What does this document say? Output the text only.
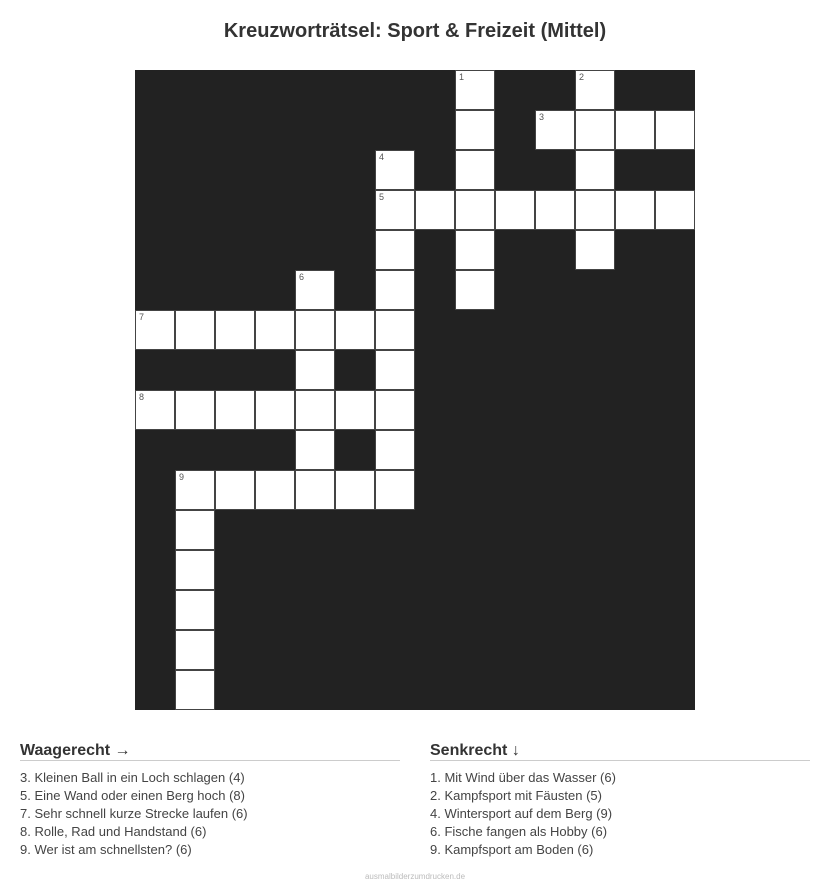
Kreuzworträtsel: Sport & Freizeit (Mittel)
1	2
3
4
5
6
7
8
9
Waagerecht →
3. Kleinen Ball in ein Loch schlagen (4)
5. Eine Wand oder einen Berg hoch (8)
7. Sehr schnell kurze Strecke laufen (6)
8. Rolle, Rad und Handstand (6)
9. Wer ist am schnellsten? (6)
Senkrecht ↓
1. Mit Wind über das Wasser (6)
2. Kampfsport mit Fäusten (5)
4. Wintersport auf dem Berg (9)
6. Fische fangen als Hobby (6)
9. Kampfsport am Boden (6)
ausmalbilderzumdrucken.de
